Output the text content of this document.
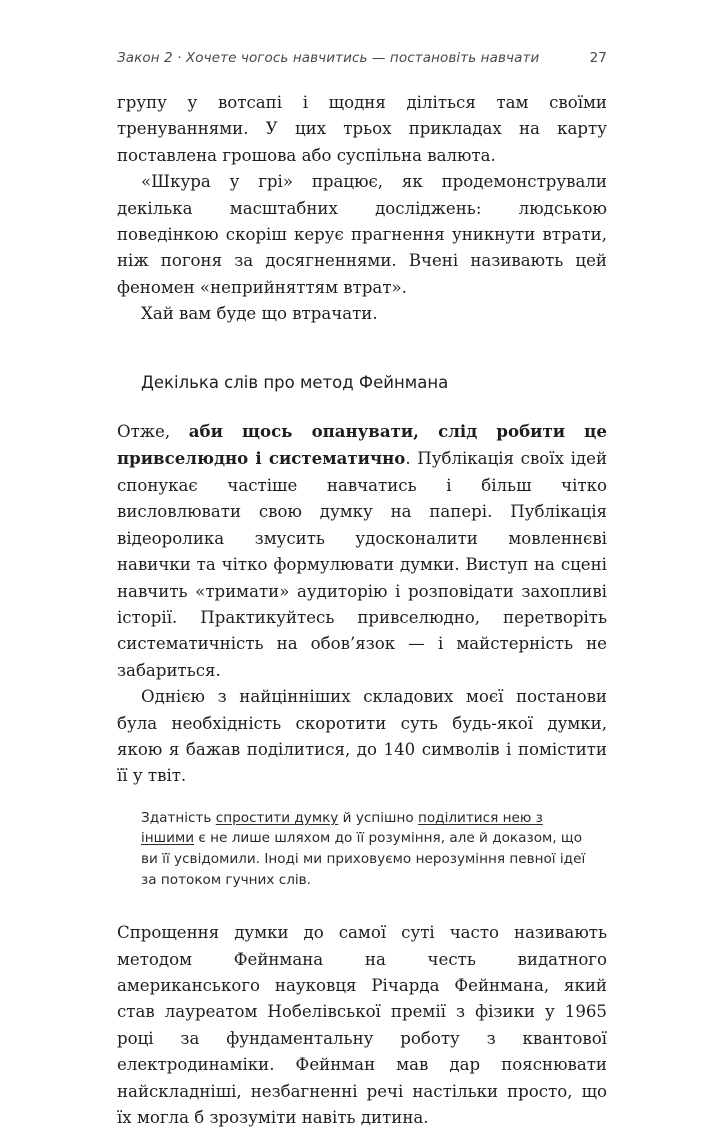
Закон 2 · Хочете чогось навчитись — постановіть навчати	27

групу у вотсапі і щодня діліться там своїми тренуваннями. У цих трьох прикладах на карту поставлена грошова або суспільна валюта.

«Шкура у грі» працює, як продемонстрували декілька масштабних досліджень: людською поведінкою скоріш керує прагнення уникнути втрати, ніж погоня за досягненнями. Вчені називають цей феномен «неприйняттям втрат».

Хай вам буде що втрачати.

Декілька слів про метод Фейнмана

Отже, аби щось опанувати, слід робити це привселюдно і систематично. Публікація своїх ідей спонукає частіше навчатись і більш чітко висловлювати свою думку на папері. Публікація відеоролика змусить удосконалити мовленнєві навички та чітко формулювати думки. Виступ на сцені навчить «тримати» аудиторію і розповідати захопливі історії. Практикуйтесь привселюдно, перетворіть систематичність на обов’язок — і майстерність не забариться.

Однією з найцінніших складових моєї постанови була необхідність скоротити суть будь-якої думки, якою я бажав поділитися, до 140 символів і помістити її у твіт.

Здатність спростити думку й успішно поділитися нею з іншими є не лише шляхом до її розуміння, але й доказом, що ви її усвідомили. Іноді ми приховуємо нерозуміння певної ідеї за потоком гучних слів.

Спрощення думки до самої суті часто називають методом Фейнмана на честь видатного американського науковця Річарда Фейнмана, який став лауреатом Нобелівської премії з фізики у 1965 році за фундаментальну роботу з квантової електродинаміки. Фейнман мав дар пояснювати найскладніші, незбагненні речі настільки просто, що їх могла б зрозуміти навіть дитина.
